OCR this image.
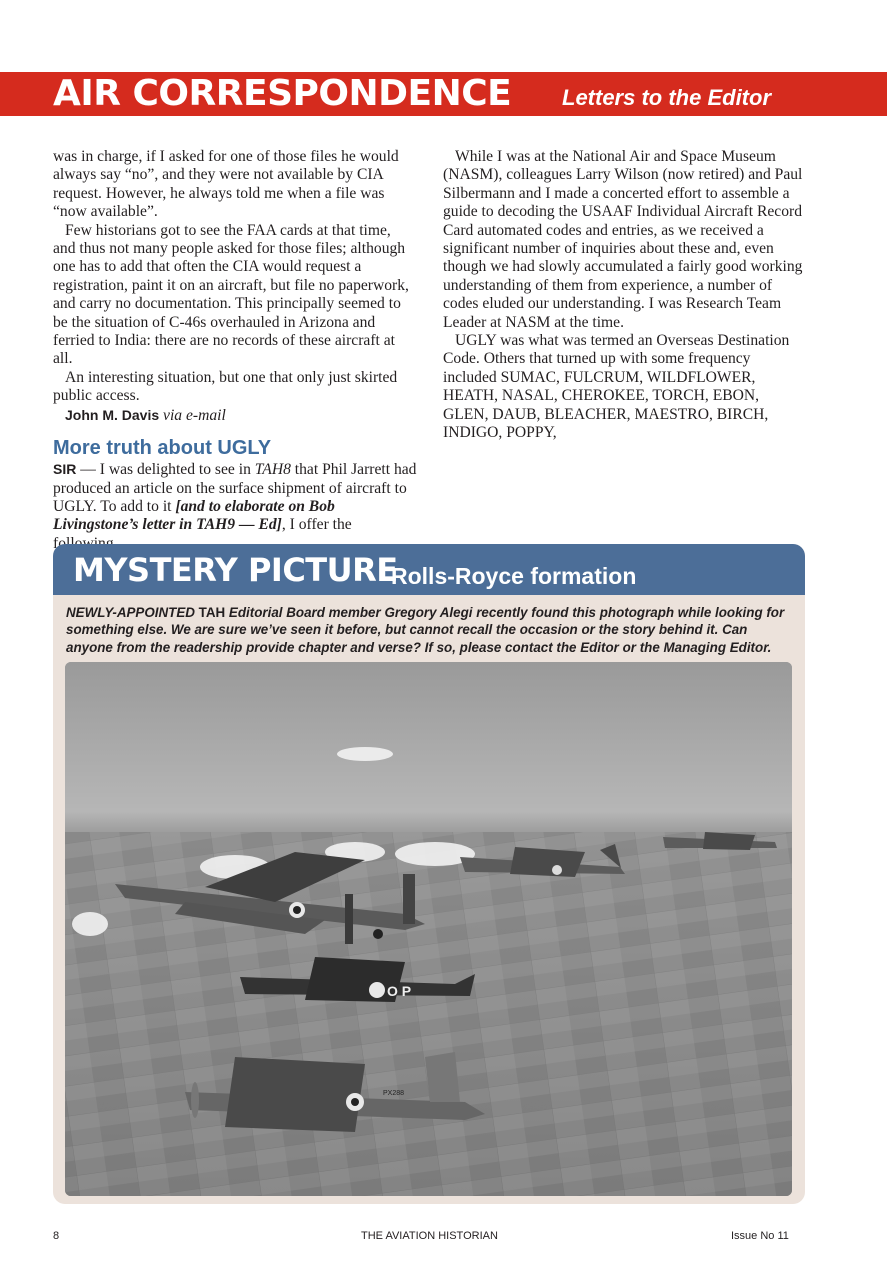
AIR CORRESPONDENCE Letters to the Editor

was in charge, if I asked for one of those files he would always say “no”, and they were not available by CIA request. However, he always told me when a file was “now available”.

Few historians got to see the FAA cards at that time, and thus not many people asked for those files; although one has to add that often the CIA would request a registration, paint it on an aircraft, but file no paperwork, and carry no documentation. This principally seemed to be the situation of C-46s overhauled in Arizona and ferried to India: there are no records of these aircraft at all.

An interesting situation, but one that only just skirted public access.

John M. Davis via e-mail

More truth about UGLY

SIR — I was delighted to see in TAH8 that Phil Jarrett had produced an article on the surface shipment of aircraft to UGLY. To add to it [and to elaborate on Bob Livingstone’s letter in TAH9 — Ed], I offer the

While I was at the National Air and Space Museum (NASM), colleagues Larry Wilson (now retired) and Paul Silbermann and I made a concerted effort to assemble a guide to decoding the USAAF Individual Aircraft Record Card automated codes and entries, as we received a significant number of inquiries about these and, even though we had slowly accumulated a fairly good working understanding of them from experience, a number of codes eluded our understanding. I was Research Team Leader at NASM at the time.

UGLY was what was termed an Overseas Destination Code. Others that turned up with some frequency included SUMAC, FULCRUM, WILDFLOWER, HEATH, NASAL, CHEROKEE, TORCH, EBON, GLEN, DAUB, BLEACHER, MAESTRO, BIRCH, INDIGO, POPPY,

MYSTERY PICTURE
Rolls-Royce formation
NEWLY-APPOINTED TAH Editorial Board member Gregory Alegi recently found this photograph while looking for something else. We are sure we’ve seen it before, but cannot recall the occasion or the story behind it. Can anyone from the readership provide chapter and verse? If so, please contact the Editor or the Managing Editor.
O P
PX288
8	THE AVIATION HISTORIAN	Issue No 11
